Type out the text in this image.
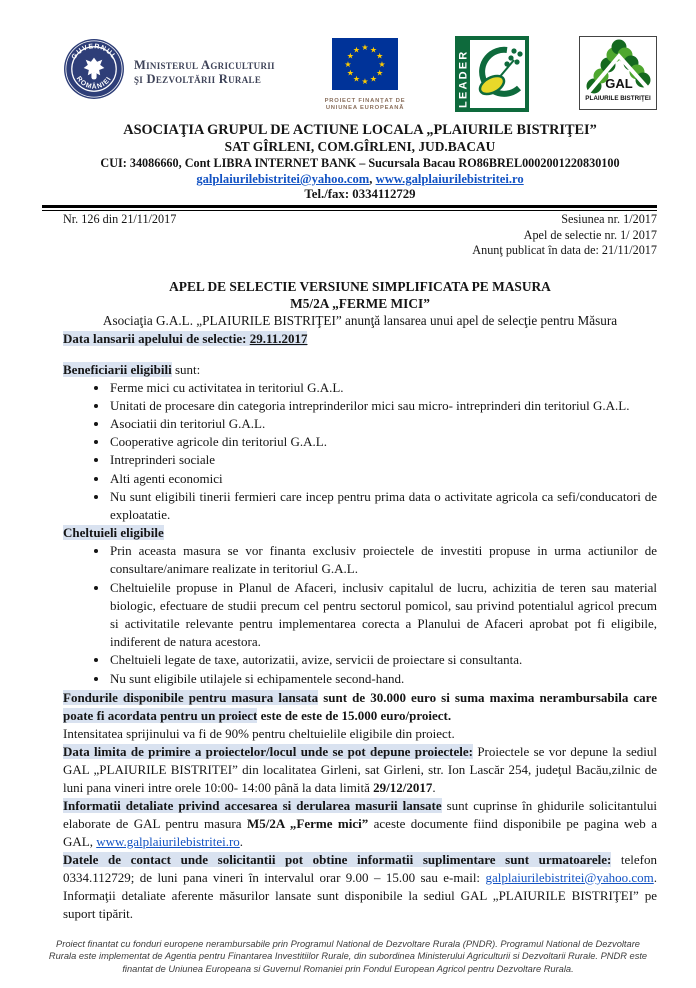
GUVERNUL
ROMÂNIEI
Ministerul Agriculturii
şi Dezvoltării Rurale
★ ★
★
★
★
★
★
★
★
★
★
★
PROIECT FINANŢAT DE
UNIUNEA EUROPEANĂ	LEADER	GAL
PLAIURILE BISTRIŢEI
ASOCIAŢIA GRUPUL DE ACTIUNE LOCALA „PLAIURILE BISTRIŢEI”
SAT GÎRLENI, COM.GÎRLENI, JUD.BACAU
CUI: 34086660, Cont LIBRA INTERNET BANK – Sucursala Bacau RO86BREL0002001220830100
galplaiurilebistritei@yahoo.com, www.galplaiurilebistritei.ro
Tel./fax: 0334112729
Nr. 126 din 21/11/2017	Sesiunea nr. 1/2017
Apel de selectie nr. 1/ 2017
Anunţ publicat în data de: 21/11/2017
APEL DE SELECTIE VERSIUNE SIMPLIFICATA PE MASURA
M5/2A „FERME MICI”
Asociaţia G.A.L. „PLAIURILE BISTRIŢEI” anunţă lansarea unui apel de selecţie pentru Măsura

Data lansarii apelului de selectie: 29.11.2017

Beneficiarii eligibili sunt:

• Ferme mici cu activitatea in teritoriul G.A.L.
• Unitati de procesare din categoria intreprinderilor mici sau micro- intreprinderi din teritoriul G.A.L.
• Asociatii din teritoriul G.A.L.
• Cooperative agricole din teritoriul G.A.L.
• Intreprinderi sociale
• Alti agenti economici
• Nu sunt eligibili tinerii fermieri care incep pentru prima data o activitate agricola ca sefi/conducatori de exploatatie.

Cheltuieli eligibile

• Prin aceasta masura se vor finanta exclusiv proiectele de investiti propuse in urma actiunilor de consultare/animare realizate in teritoriul G.A.L.
• Cheltuielile propuse in Planul de Afaceri, inclusiv capitalul de lucru, achizitia de teren sau material biologic, efectuare de studii precum cel pentru sectorul pomicol, sau privind potentialul agricol precum si activitatile relevante pentru implementarea corecta a Planului de Afaceri aprobat pot fi eligibile, indiferent de natura acestora.
• Cheltuieli legate de taxe, autorizatii, avize, servicii de proiectare si consultanta.
• Nu sunt eligibile utilajele si echipamentele second-hand.

Fondurile disponibile pentru masura lansata sunt de 30.000 euro si suma maxima nerambursabila care poate fi acordata pentru un proiect este de este de 15.000 euro/proiect.

Intensitatea sprijinului va fi de 90% pentru cheltuielile eligibile din proiect.

Data limita de primire a proiectelor/locul unde se pot depune proiectele: Proiectele se vor depune la sediul GAL „PLAIURILE BISTRITEI” din localitatea Girleni, sat Girleni, str. Ion Lascăr 254, judeţul Bacău,zilnic de luni pana vineri intre orele 10:00- 14:00 până la data limită 29/12/2017.

Informatii detaliate privind accesarea si derularea masurii lansate sunt cuprinse în ghidurile solicitantului elaborate de GAL pentru masura M5/2A „Ferme mici” aceste documente fiind disponibile pe pagina web a GAL, www.galplaiurilebistritei.ro.

Datele de contact unde solicitantii pot obtine informatii suplimentare sunt urmatoarele: telefon 0334.112729; de luni pana vineri în intervalul orar 9.00 – 15.00 sau e-mail: galplaiurilebistritei@yahoo.com. Informaţii detaliate aferente măsurilor lansate sunt disponibile la sediul GAL „PLAIURILE BISTRIŢEI” pe suport tipărit.

Proiect finantat cu fonduri europene nerambursabile prin Programul National de Dezvoltare Rurala (PNDR). Programul National de Dezvoltare Rurala este implementat de Agentia pentru Finantarea Investitiilor Rurale, din subordinea Ministerului Agriculturii si Dezvoltarii Rurale. PNDR este finantat de Uniunea Europeana si Guvernul Romaniei prin Fondul European Agricol pentru Dezvoltare Rurala.
